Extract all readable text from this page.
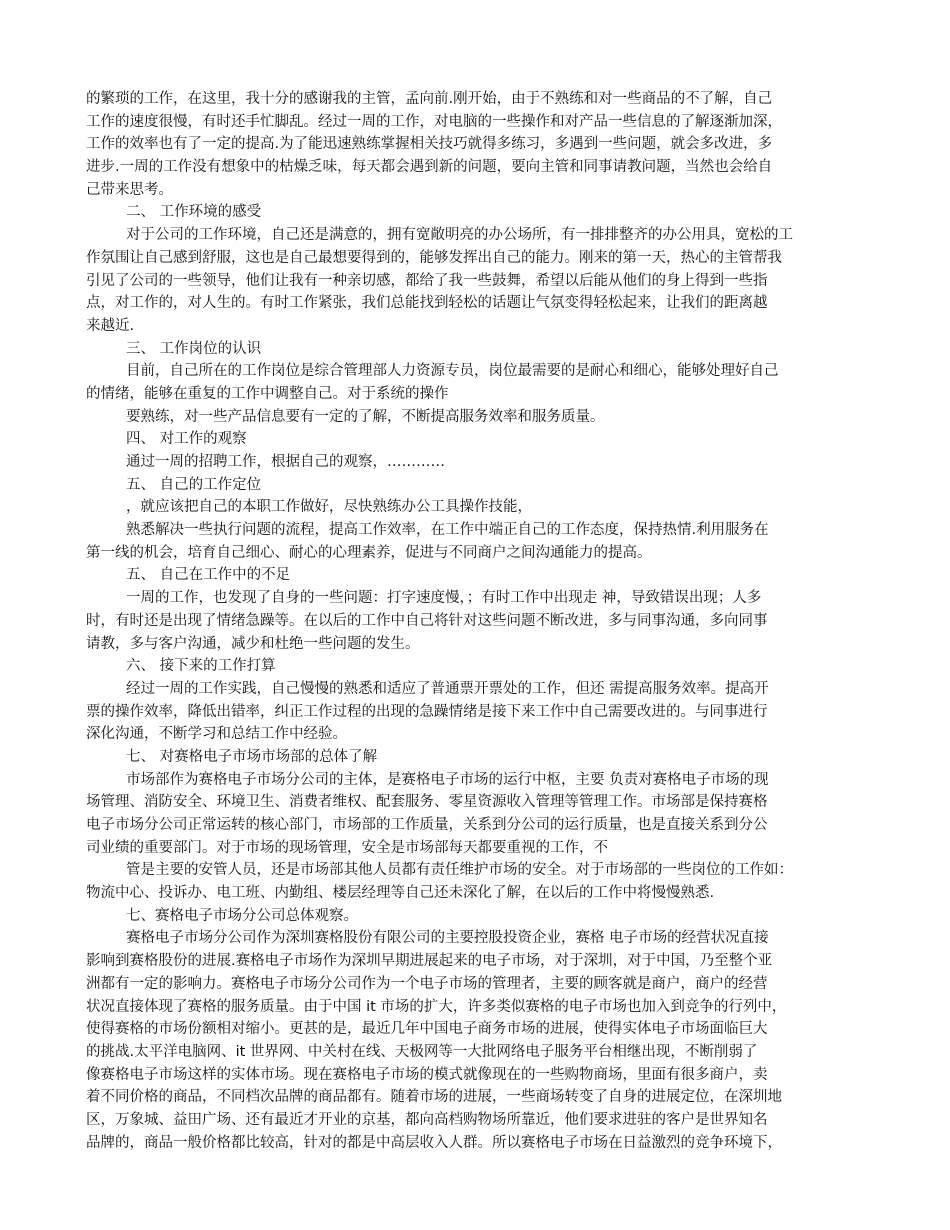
的繁琐的工作，在这里，我十分的感谢我的主管，孟向前.刚开始，由于不熟练和对一些商品的不了解，自己
工作的速度很慢，有时还手忙脚乱。经过一周的工作，对电脑的一些操作和对产品一些信息的了解逐渐加深，
工作的效率也有了一定的提高.为了能迅速熟练掌握相关技巧就得多练习，多遇到一些问题，就会多改进，多
进步.一周的工作没有想象中的枯燥乏味，每天都会遇到新的问题，要向主管和同事请教问题，当然也会给自
己带来思考。
二、 工作环境的感受
对于公司的工作环境，自己还是满意的，拥有宽敞明亮的办公场所，有一排排整齐的办公用具，宽松的工
作氛围让自己感到舒服，这也是自己最想要得到的，能够发挥出自己的能力。刚来的第一天，热心的主管帮我
引见了公司的一些领导，他们让我有一种亲切感，都给了我一些鼓舞，希望以后能从他们的身上得到一些指
点，对工作的，对人生的。有时工作紧张，我们总能找到轻松的话题让气氛变得轻松起来，让我们的距离越
来越近.
三、 工作岗位的认识
目前，自己所在的工作岗位是综合管理部人力资源专员，岗位最需要的是耐心和细心，能够处理好自己
的情绪，能够在重复的工作中调整自己。对于系统的操作
要熟练，对一些产品信息要有一定的了解，不断提高服务效率和服务质量。
四、 对工作的观察
通过一周的招聘工作，根据自己的观察，…………
五、 自己的工作定位
，就应该把自己的本职工作做好，尽快熟练办公工具操作技能，
熟悉解决一些执行问题的流程，提高工作效率，在工作中端正自己的工作态度，保持热情.利用服务在
第一线的机会，培育自己细心、耐心的心理素养，促进与不同商户之间沟通能力的提高。
五、 自己在工作中的不足
一周的工作，也发现了自身的一些问题：打字速度慢，；有时工作中出现走 神，导致错误出现；人多
时，有时还是出现了情绪急躁等。在以后的工作中自己将针对这些问题不断改进，多与同事沟通，多向同事
请教，多与客户沟通，减少和杜绝一些问题的发生。
六、 接下来的工作打算
经过一周的工作实践，自己慢慢的熟悉和适应了普通票开票处的工作，但还 需提高服务效率。提高开
票的操作效率，降低出错率，纠正工作过程的出现的急躁情绪是接下来工作中自己需要改进的。与同事进行
深化沟通，不断学习和总结工作中经验。
七、 对赛格电子市场市场部的总体了解
市场部作为赛格电子市场分公司的主体，是赛格电子市场的运行中枢，主要 负责对赛格电子市场的现
场管理、消防安全、环境卫生、消费者维权、配套服务、零星资源收入管理等管理工作。市场部是保持赛格
电子市场分公司正常运转的核心部门，市场部的工作质量，关系到分公司的运行质量，也是直接关系到分公
司业绩的重要部门。对于市场的现场管理，安全是市场部每天都要重视的工作，不
管是主要的安管人员，还是市场部其他人员都有责任维护市场的安全。对于市场部的一些岗位的工作如：
物流中心、投诉办、电工班、内勤组、楼层经理等自己还未深化了解，在以后的工作中将慢慢熟悉.
七、赛格电子市场分公司总体观察。
赛格电子市场分公司作为深圳赛格股份有限公司的主要控股投资企业，赛格 电子市场的经营状况直接
影响到赛格股份的进展.赛格电子市场作为深圳早期进展起来的电子市场，对于深圳，对于中国，乃至整个亚
洲都有一定的影响力。赛格电子市场分公司作为一个电子市场的管理者，主要的顾客就是商户，商户的经营
状况直接体现了赛格的服务质量。由于中国 it 市场的扩大，许多类似赛格的电子市场也加入到竞争的行列中，
使得赛格的市场份额相对缩小。更甚的是，最近几年中国电子商务市场的进展，使得实体电子市场面临巨大
的挑战.太平洋电脑网、it 世界网、中关村在线、天极网等一大批网络电子服务平台相继出现，不断削弱了
像赛格电子市场这样的实体市场。现在赛格电子市场的模式就像现在的一些购物商场，里面有很多商户，卖
着不同价格的商品，不同档次品牌的商品都有。随着市场的进展，一些商场转变了自身的进展定位，在深圳地
区，万象城、益田广场、还有最近才开业的京基，都向高档购物场所靠近，他们要求进驻的客户是世界知名
品牌的，商品一般价格都比较高，针对的都是中高层收入人群。所以赛格电子市场在日益激烈的竞争环境下，
